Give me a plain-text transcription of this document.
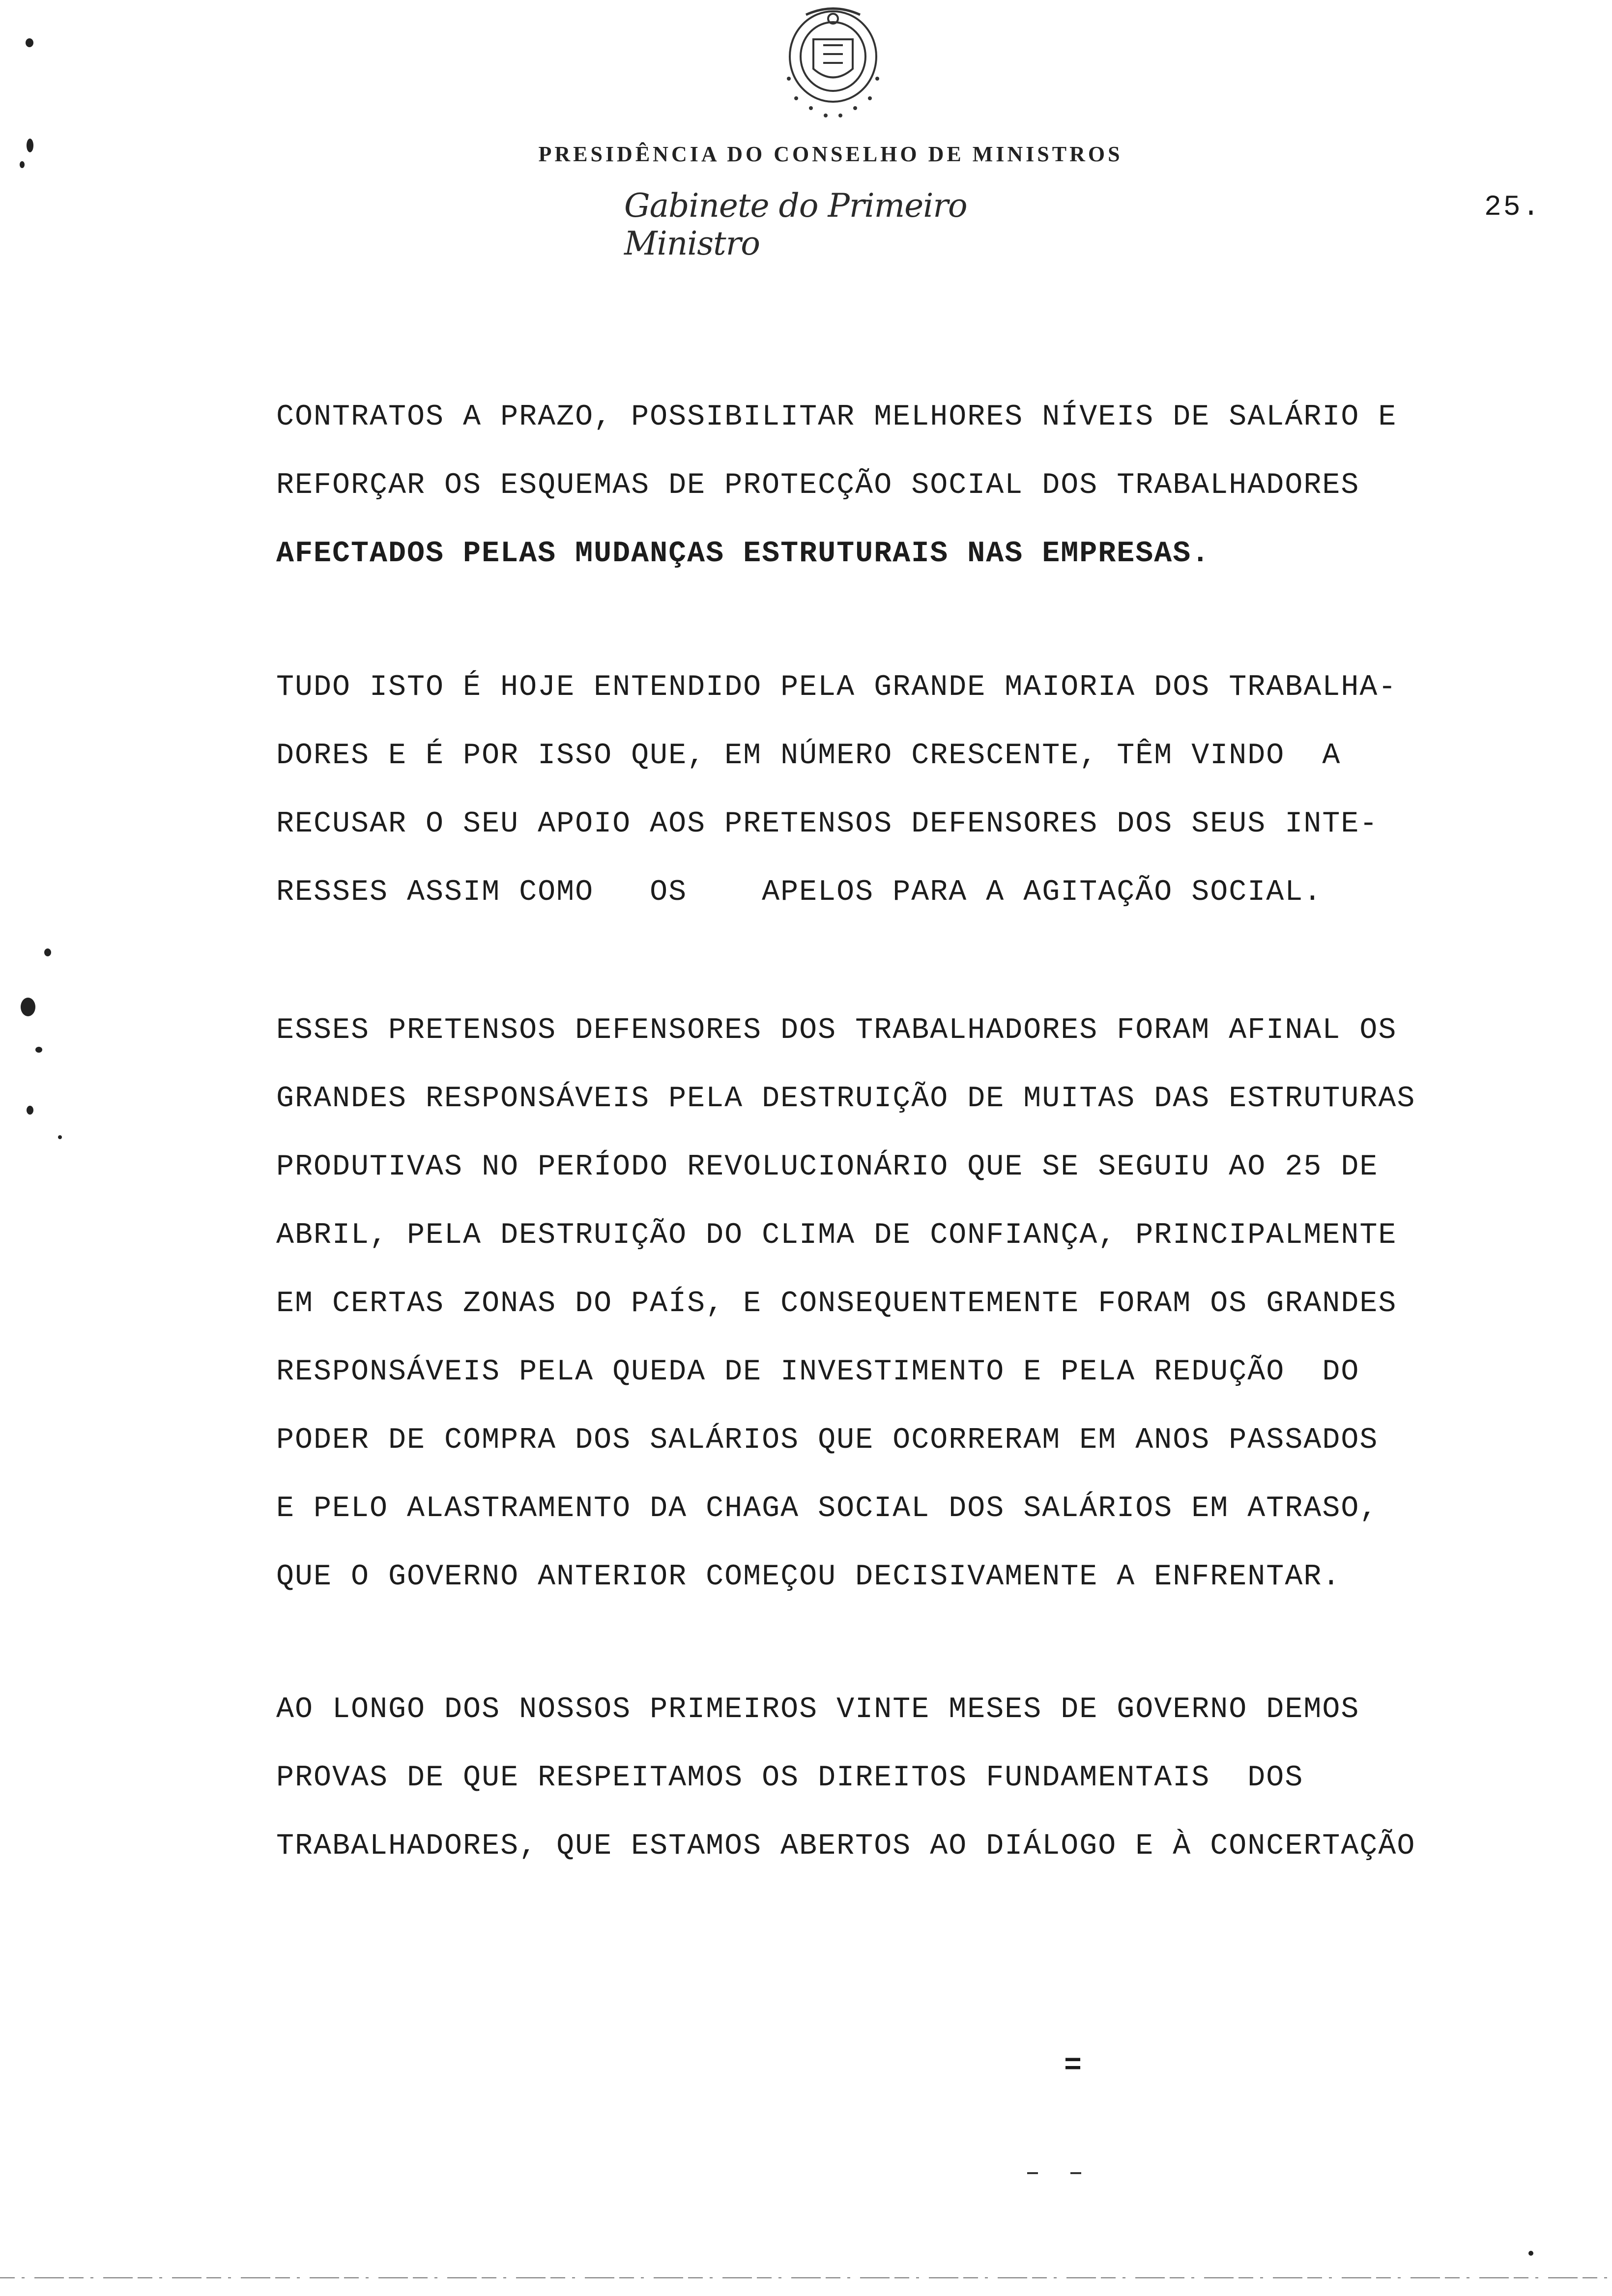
PRESIDÊNCIA DO CONSELHO DE MINISTROS
Gabinete do Primeiro Ministro
25.
CONTRATOS A PRAZO, POSSIBILITAR MELHORES NÍVEIS DE SALÁRIO E
REFORÇAR OS ESQUEMAS DE PROTECÇÃO SOCIAL DOS TRABALHADORES
AFECTADOS PELAS MUDANÇAS ESTRUTURAIS NAS EMPRESAS.
TUDO ISTO É HOJE ENTENDIDO PELA GRANDE MAIORIA DOS TRABALHA-
DORES E É POR ISSO QUE, EM NÚMERO CRESCENTE, TÊM VINDO  A
RECUSAR O SEU APOIO AOS PRETENSOS DEFENSORES DOS SEUS INTE-
RESSES ASSIM COMO   OS    APELOS PARA A AGITAÇÃO SOCIAL.
ESSES PRETENSOS DEFENSORES DOS TRABALHADORES FORAM AFINAL OS
GRANDES RESPONSÁVEIS PELA DESTRUIÇÃO DE MUITAS DAS ESTRUTURAS
PRODUTIVAS NO PERÍODO REVOLUCIONÁRIO QUE SE SEGUIU AO 25 DE
ABRIL, PELA DESTRUIÇÃO DO CLIMA DE CONFIANÇA, PRINCIPALMENTE
EM CERTAS ZONAS DO PAÍS, E CONSEQUENTEMENTE FORAM OS GRANDES
RESPONSÁVEIS PELA QUEDA DE INVESTIMENTO E PELA REDUÇÃO  DO
PODER DE COMPRA DOS SALÁRIOS QUE OCORRERAM EM ANOS PASSADOS
E PELO ALASTRAMENTO DA CHAGA SOCIAL DOS SALÁRIOS EM ATRASO,
QUE O GOVERNO ANTERIOR COMEÇOU DECISIVAMENTE A ENFRENTAR.
AO LONGO DOS NOSSOS PRIMEIROS VINTE MESES DE GOVERNO DEMOS
PROVAS DE QUE RESPEITAMOS OS DIREITOS FUNDAMENTAIS  DOS
TRABALHADORES, QUE ESTAMOS ABERTOS AO DIÁLOGO E À CONCERTAÇÃO
=
